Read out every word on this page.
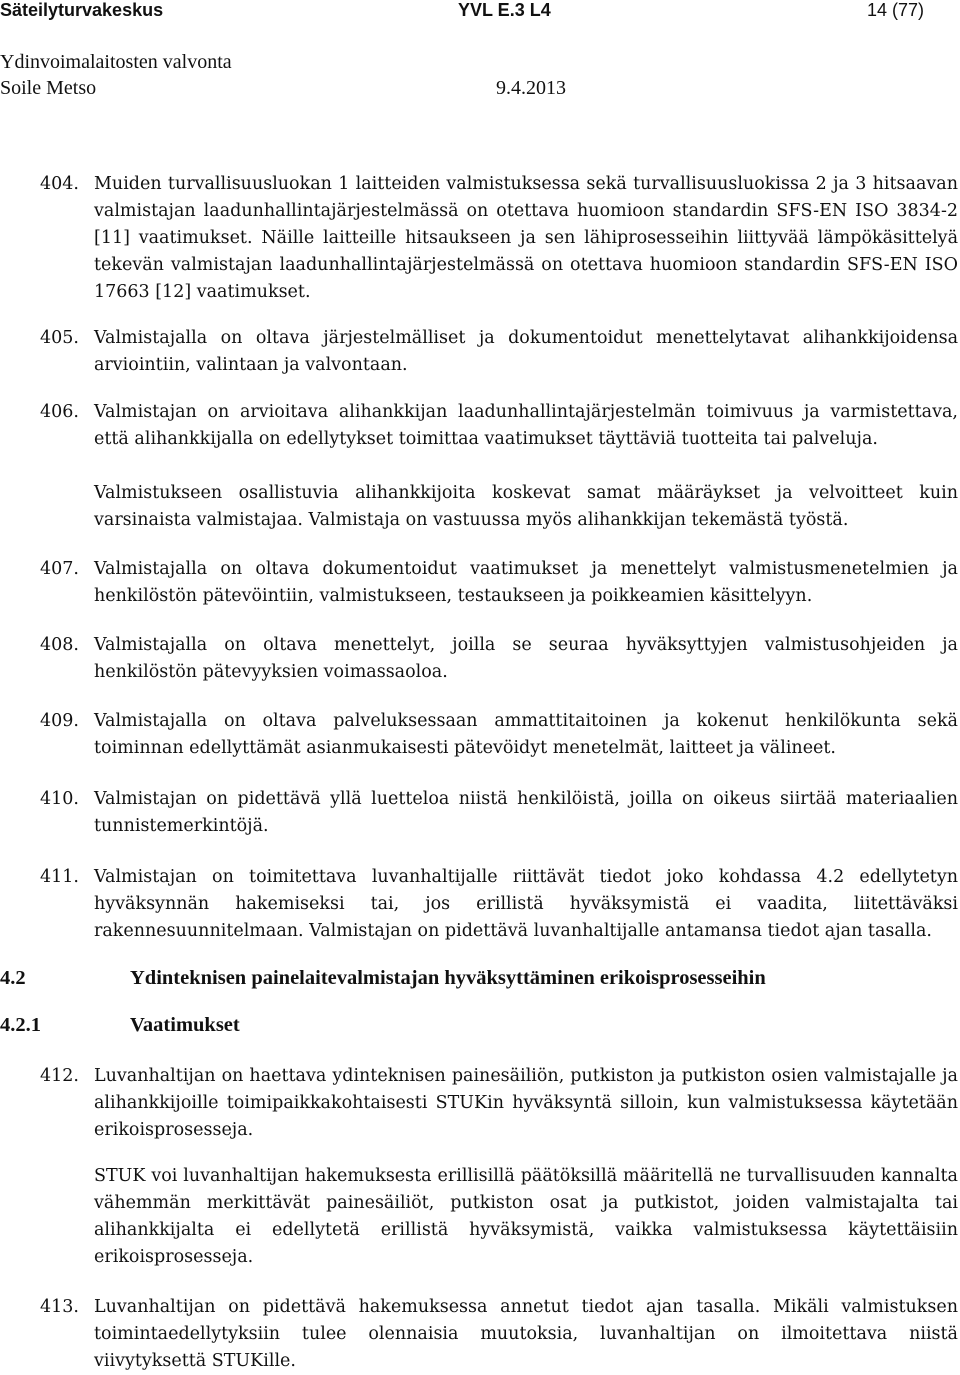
Säteilyturvakeskus	YVL E.3 L4	14 (77)
Ydinvoimalaitosten valvonta
Soile Metso	9.4.2013
404. Muiden turvallisuusluokan 1 laitteiden valmistuksessa sekä turvallisuusluokissa 2 ja 3 hitsaavan valmistajan laadunhallintajärjestelmässä on otettava huomioon standardin SFS-EN ISO 3834-2 [11] vaatimukset. Näille laitteille hitsaukseen ja sen lähiprosesseihin liittyvää lämpökäsittelyä tekevän valmistajan laadunhallintajärjestelmässä on otettava huomioon standardin SFS-EN ISO 17663 [12] vaatimukset.
405. Valmistajalla on oltava järjestelmälliset ja dokumentoidut menettelytavat alihankkijoidensa arviointiin, valintaan ja valvontaan.
406. Valmistajan on arvioitava alihankkijan laadunhallintajärjestelmän toimivuus ja varmistettava, että alihankkijalla on edellytykset toimittaa vaatimukset täyttäviä tuotteita tai palveluja.
Valmistukseen osallistuvia alihankkijoita koskevat samat määräykset ja velvoitteet kuin varsinaista valmistajaa. Valmistaja on vastuussa myös alihankkijan tekemästä työstä.
407. Valmistajalla on oltava dokumentoidut vaatimukset ja menettelyt valmistusmenetelmien ja henkilöstön pätevöintiin, valmistukseen, testaukseen ja poikkeamien käsittelyyn.
408. Valmistajalla on oltava menettelyt, joilla se seuraa hyväksyttyjen valmistusohjeiden ja henkilöstön pätevyyksien voimassaoloa.
409. Valmistajalla on oltava palveluksessaan ammattitaitoinen ja kokenut henkilökunta sekä toiminnan edellyttämät asianmukaisesti pätevöidyt menetelmät, laitteet ja välineet.
410. Valmistajan on pidettävä yllä luetteloa niistä henkilöistä, joilla on oikeus siirtää materiaalien tunnistemerkintöjä.
411. Valmistajan on toimitettava luvanhaltijalle riittävät tiedot joko kohdassa 4.2 edellytetyn hyväksynnän hakemiseksi tai, jos erillistä hyväksymistä ei vaadita, liitettäväksi rakennesuunnitelmaan. Valmistajan on pidettävä luvanhaltijalle antamansa tiedot ajan tasalla.
4.2	Ydinteknisen painelaitevalmistajan hyväksyttäminen erikoisprosesseihin
4.2.1	Vaatimukset
412. Luvanhaltijan on haettava ydinteknisen painesäiliön, putkiston ja putkiston osien valmistajalle ja alihankkijoille toimipaikkakohtaisesti STUKin hyväksyntä silloin, kun valmistuksessa käytetään erikoisprosesseja.
STUK voi luvanhaltijan hakemuksesta erillisillä päätöksillä määritellä ne turvallisuuden kannalta vähemmän merkittävät painesäiliöt, putkiston osat ja putkistot, joiden valmistajalta tai alihankkijalta ei edellytetä erillistä hyväksymistä, vaikka valmistuksessa käytettäisiin erikoisprosesseja.
413. Luvanhaltijan on pidettävä hakemuksessa annetut tiedot ajan tasalla. Mikäli valmistuksen toimintaedellytyksiin tulee olennaisia muutoksia, luvanhaltijan on ilmoitettava niistä viivytyksettä STUKille.
